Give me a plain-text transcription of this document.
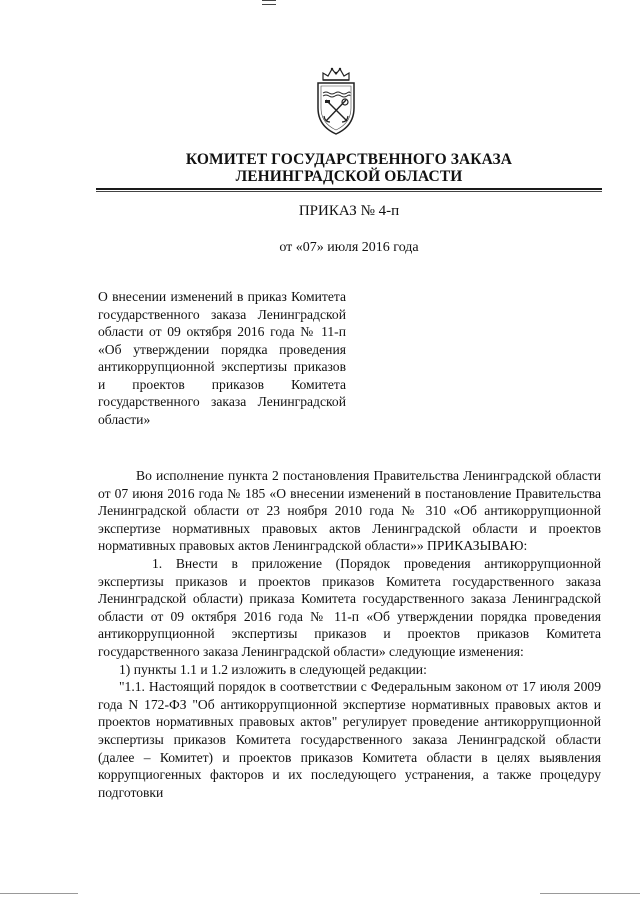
КОМИТЕТ ГОСУДАРСТВЕННОГО ЗАКАЗА
ЛЕНИНГРАДСКОЙ ОБЛАСТИ
ПРИКАЗ № 4-п
от «07» июля 2016 года
О внесении изменений в приказ Комитета государственного заказа Ленинградской области от 09 октября 2016 года № 11-п «Об утверждении порядка проведения антикоррупционной экспертизы приказов и проектов приказов Комитета государственного заказа Ленинградской области»

Во исполнение пункта 2 постановления Правительства Ленинградской области от 07 июня 2016 года № 185 «О внесении изменений в постановление Правительства Ленинградской области от 23 ноября 2010 года № 310 «Об антикоррупционной экспертизе нормативных правовых актов Ленинградской области и проектов нормативных правовых актов Ленинградской области»» ПРИКАЗЫВАЮ:

1. Внести в приложение (Порядок проведения антикоррупционной экспертизы приказов и проектов приказов Комитета государственного заказа Ленинградской области) приказа Комитета государственного заказа Ленинградской области от 09 октября 2016 года № 11-п «Об утверждении порядка проведения антикоррупционной экспертизы приказов и проектов приказов Комитета государственного заказа Ленинградской области» следующие изменения:

1) пункты 1.1 и 1.2 изложить в следующей редакции:

"1.1. Настоящий порядок в соответствии с Федеральным законом от 17 июля 2009 года N 172-ФЗ "Об антикоррупционной экспертизе нормативных правовых актов и проектов нормативных правовых актов" регулирует проведение антикоррупционной экспертизы приказов Комитета государственного заказа Ленинградской области (далее – Комитет) и проектов приказов Комитета области в целях выявления коррупциогенных факторов и их последующего устранения, а также процедуру подготовки
